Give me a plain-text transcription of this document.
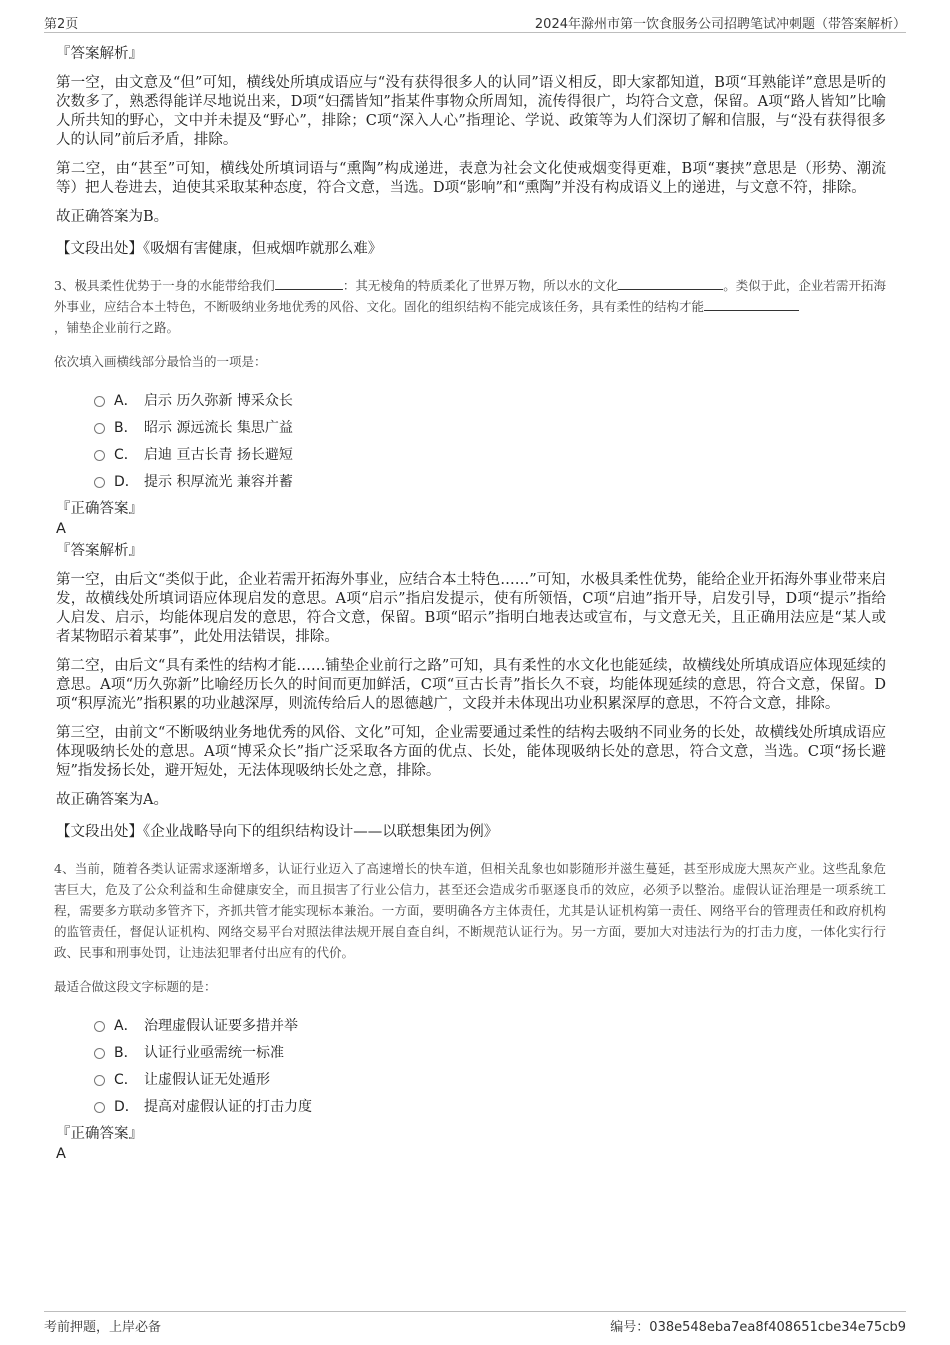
第2页	2024年滁州市第一饮食服务公司招聘笔试冲刺题（带答案解析）

『答案解析』

第一空，由文意及“但”可知，横线处所填成语应与“没有获得很多人的认同”语义相反，即大家都知道，B项“耳熟能详”意思是听的次数多了，熟悉得能详尽地说出来，D项“妇孺皆知”指某件事物众所周知，流传得很广，均符合文意，保留。A项“路人皆知”比喻人所共知的野心，文中并未提及“野心”，排除；C项“深入人心”指理论、学说、政策等为人们深切了解和信服，与“没有获得很多人的认同”前后矛盾，排除。

第二空，由“甚至”可知，横线处所填词语与“熏陶”构成递进，表意为社会文化使戒烟变得更难，B项“裹挟”意思是（形势、潮流等）把人卷进去，迫使其采取某种态度，符合文意，当选。D项“影响”和“熏陶”并没有构成语义上的递进，与文意不符，排除。

故正确答案为B。

【文段出处】《吸烟有害健康，但戒烟咋就那么难》

3、极具柔性优势于一身的水能带给我们	：其无棱角的特质柔化了世界万物，所以水的文化	。类似于此，企业若需开拓海外事业，应结合本土特色，不断吸纳业务地优秀的风俗、文化。固化的组织结构不能完成该任务，具有柔性的结构才能
，铺垫企业前行之路。

依次填入画横线部分最恰当的一项是：

A． 启示 历久弥新 博采众长
B． 昭示 源远流长 集思广益
C． 启迪 亘古长青 扬长避短
D． 提示 积厚流光 兼容并蓄

『正确答案』

A

『答案解析』

第一空，由后文“类似于此，企业若需开拓海外事业，应结合本土特色……”可知，水极具柔性优势，能给企业开拓海外事业带来启发，故横线处所填词语应体现启发的意思。A项“启示”指启发提示，使有所领悟，C项“启迪”指开导，启发引导，D项“提示”指给人启发、启示，均能体现启发的意思，符合文意，保留。B项“昭示”指明白地表达或宣布，与文意无关，且正确用法应是“某人或者某物昭示着某事”，此处用法错误，排除。

第二空，由后文“具有柔性的结构才能……铺垫企业前行之路”可知，具有柔性的水文化也能延续，故横线处所填成语应体现延续的意思。A项“历久弥新”比喻经历长久的时间而更加鲜活，C项“亘古长青”指长久不衰，均能体现延续的意思，符合文意，保留。D项“积厚流光”指积累的功业越深厚，则流传给后人的恩德越广，文段并未体现出功业积累深厚的意思，不符合文意，排除。

第三空，由前文“不断吸纳业务地优秀的风俗、文化”可知，企业需要通过柔性的结构去吸纳不同业务的长处，故横线处所填成语应体现吸纳长处的意思。A项“博采众长”指广泛采取各方面的优点、长处，能体现吸纳长处的意思，符合文意，当选。C项“扬长避短”指发扬长处，避开短处，无法体现吸纳长处之意，排除。

故正确答案为A。

【文段出处】《企业战略导向下的组织结构设计——以联想集团为例》

4、当前，随着各类认证需求逐渐增多，认证行业迈入了高速增长的快车道，但相关乱象也如影随形并滋生蔓延，甚至形成庞大黑灰产业。这些乱象危害巨大，危及了公众利益和生命健康安全，而且损害了行业公信力，甚至还会造成劣币驱逐良币的效应，必须予以整治。虚假认证治理是一项系统工程，需要多方联动多管齐下，齐抓共管才能实现标本兼治。一方面，要明确各方主体责任，尤其是认证机构第一责任、网络平台的管理责任和政府机构的监管责任，督促认证机构、网络交易平台对照法律法规开展自查自纠，不断规范认证行为。另一方面，要加大对违法行为的打击力度，一体化实行行政、民事和刑事处罚，让违法犯罪者付出应有的代价。

最适合做这段文字标题的是：

A． 治理虚假认证要多措并举
B． 认证行业亟需统一标准
C． 让虚假认证无处遁形
D． 提高对虚假认证的打击力度

『正确答案』

A

考前押题，上岸必备	编号：038e548eba7ea8f408651cbe34e75cb9
